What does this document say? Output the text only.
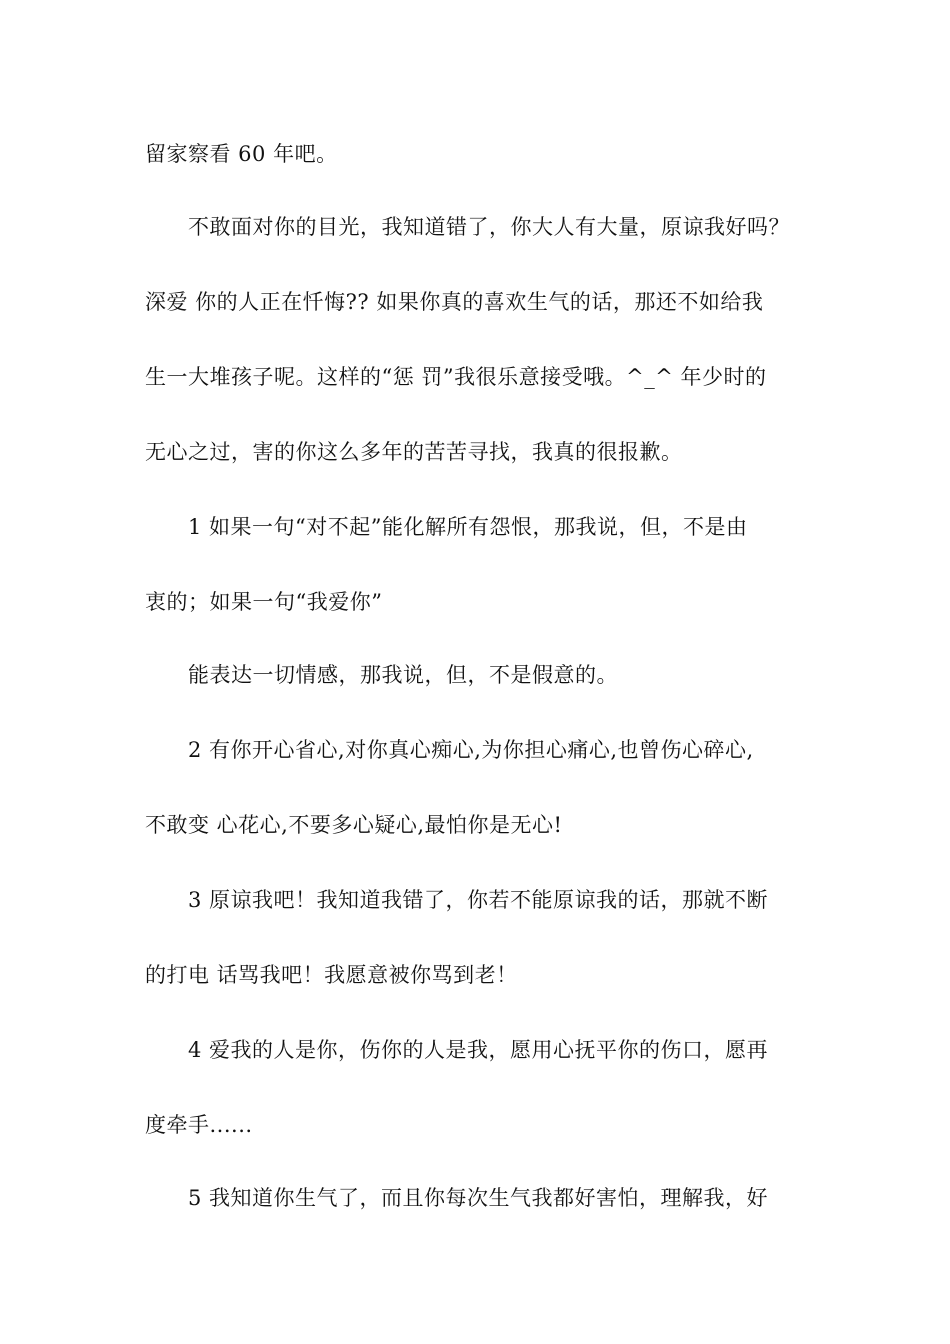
留家察看 60 年吧。
不敢面对你的目光，我知道错了，你大人有大量，原谅我好吗？
深爱 你的人正在忏悔?? 如果你真的喜欢生气的话，那还不如给我
生一大堆孩子呢。这样的“惩 罚”我很乐意接受哦。^_^ 年少时的
无心之过，害的你这么多年的苦苦寻找，我真的很报歉。
1 如果一句“对不起”能化解所有怨恨，那我说，但，不是由
衷的；如果一句“我爱你”
能表达一切情感，那我说，但，不是假意的。
2 有你开心省心,对你真心痴心,为你担心痛心,也曾伤心碎心,
不敢变 心花心,不要多心疑心,最怕你是无心!
3 原谅我吧！我知道我错了，你若不能原谅我的话，那就不断
的打电 话骂我吧！我愿意被你骂到老！
4 爱我的人是你，伤你的人是我，愿用心抚平你的伤口，愿再
度牵手......
5 我知道你生气了，而且你每次生气我都好害怕，理解我，好
